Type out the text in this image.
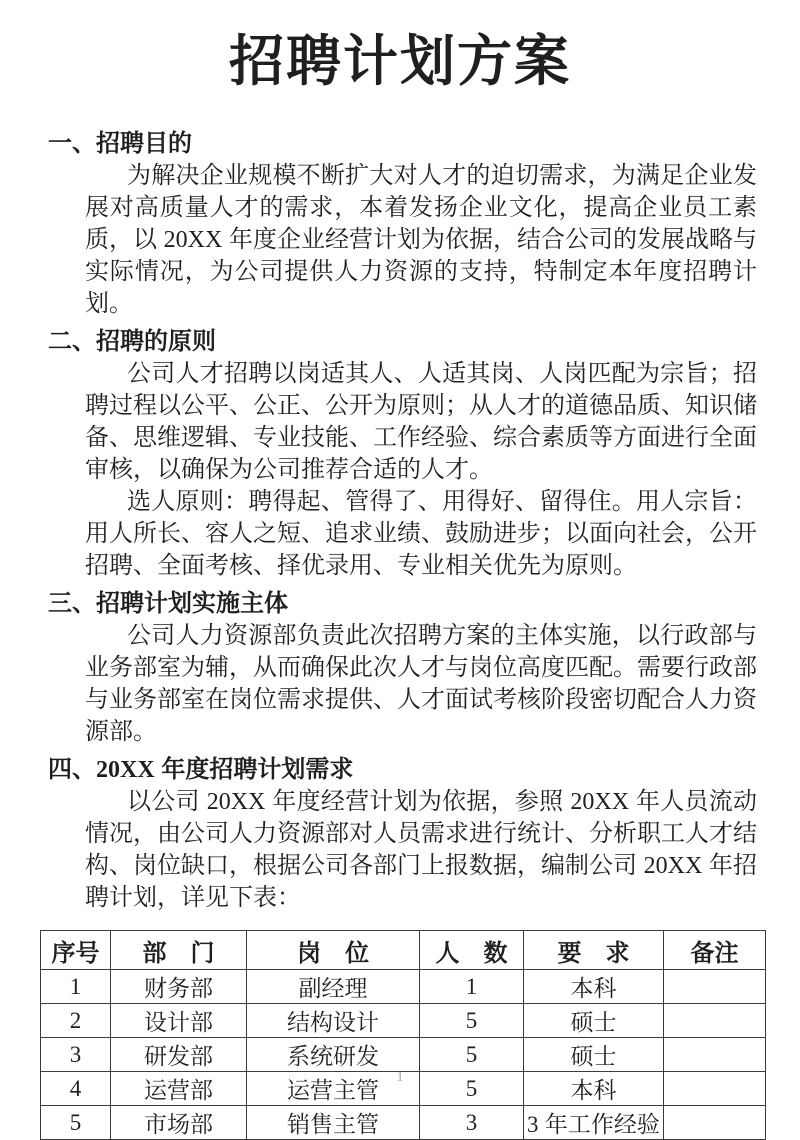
招聘计划方案
一、招聘目的

为解决企业规模不断扩大对人才的迫切需求，为满足企业发展对高质量人才的需求，本着发扬企业文化，提高企业员工素质，以 20XX 年度企业经营计划为依据，结合公司的发展战略与实际情况，为公司提供人力资源的支持，特制定本年度招聘计划。

二、招聘的原则

公司人才招聘以岗适其人、人适其岗、人岗匹配为宗旨；招聘过程以公平、公正、公开为原则；从人才的道德品质、知识储备、思维逻辑、专业技能、工作经验、综合素质等方面进行全面审核，以确保为公司推荐合适的人才。

选人原则：聘得起、管得了、用得好、留得住。用人宗旨：用人所长、容人之短、追求业绩、鼓励进步；以面向社会，公开招聘、全面考核、择优录用、专业相关优先为原则。

三、招聘计划实施主体

公司人力资源部负责此次招聘方案的主体实施，以行政部与业务部室为辅，从而确保此次人才与岗位高度匹配。需要行政部与业务部室在岗位需求提供、人才面试考核阶段密切配合人力资源部。

四、20XX 年度招聘计划需求

以公司 20XX 年度经营计划为依据，参照 20XX 年人员流动情况，由公司人力资源部对人员需求进行统计、分析职工人才结构、岗位缺口，根据公司各部门上报数据，编制公司 20XX 年招聘计划，详见下表：

序号	部　门	岗　位	人　数	要　求	备注
1	财务部	副经理	1	本科	
2	设计部	结构设计	5	硕士	
3	研发部	系统研发	5	硕士	
4	运营部	运营主管	5	本科	
5	市场部	销售主管	3	3 年工作经验	
1
